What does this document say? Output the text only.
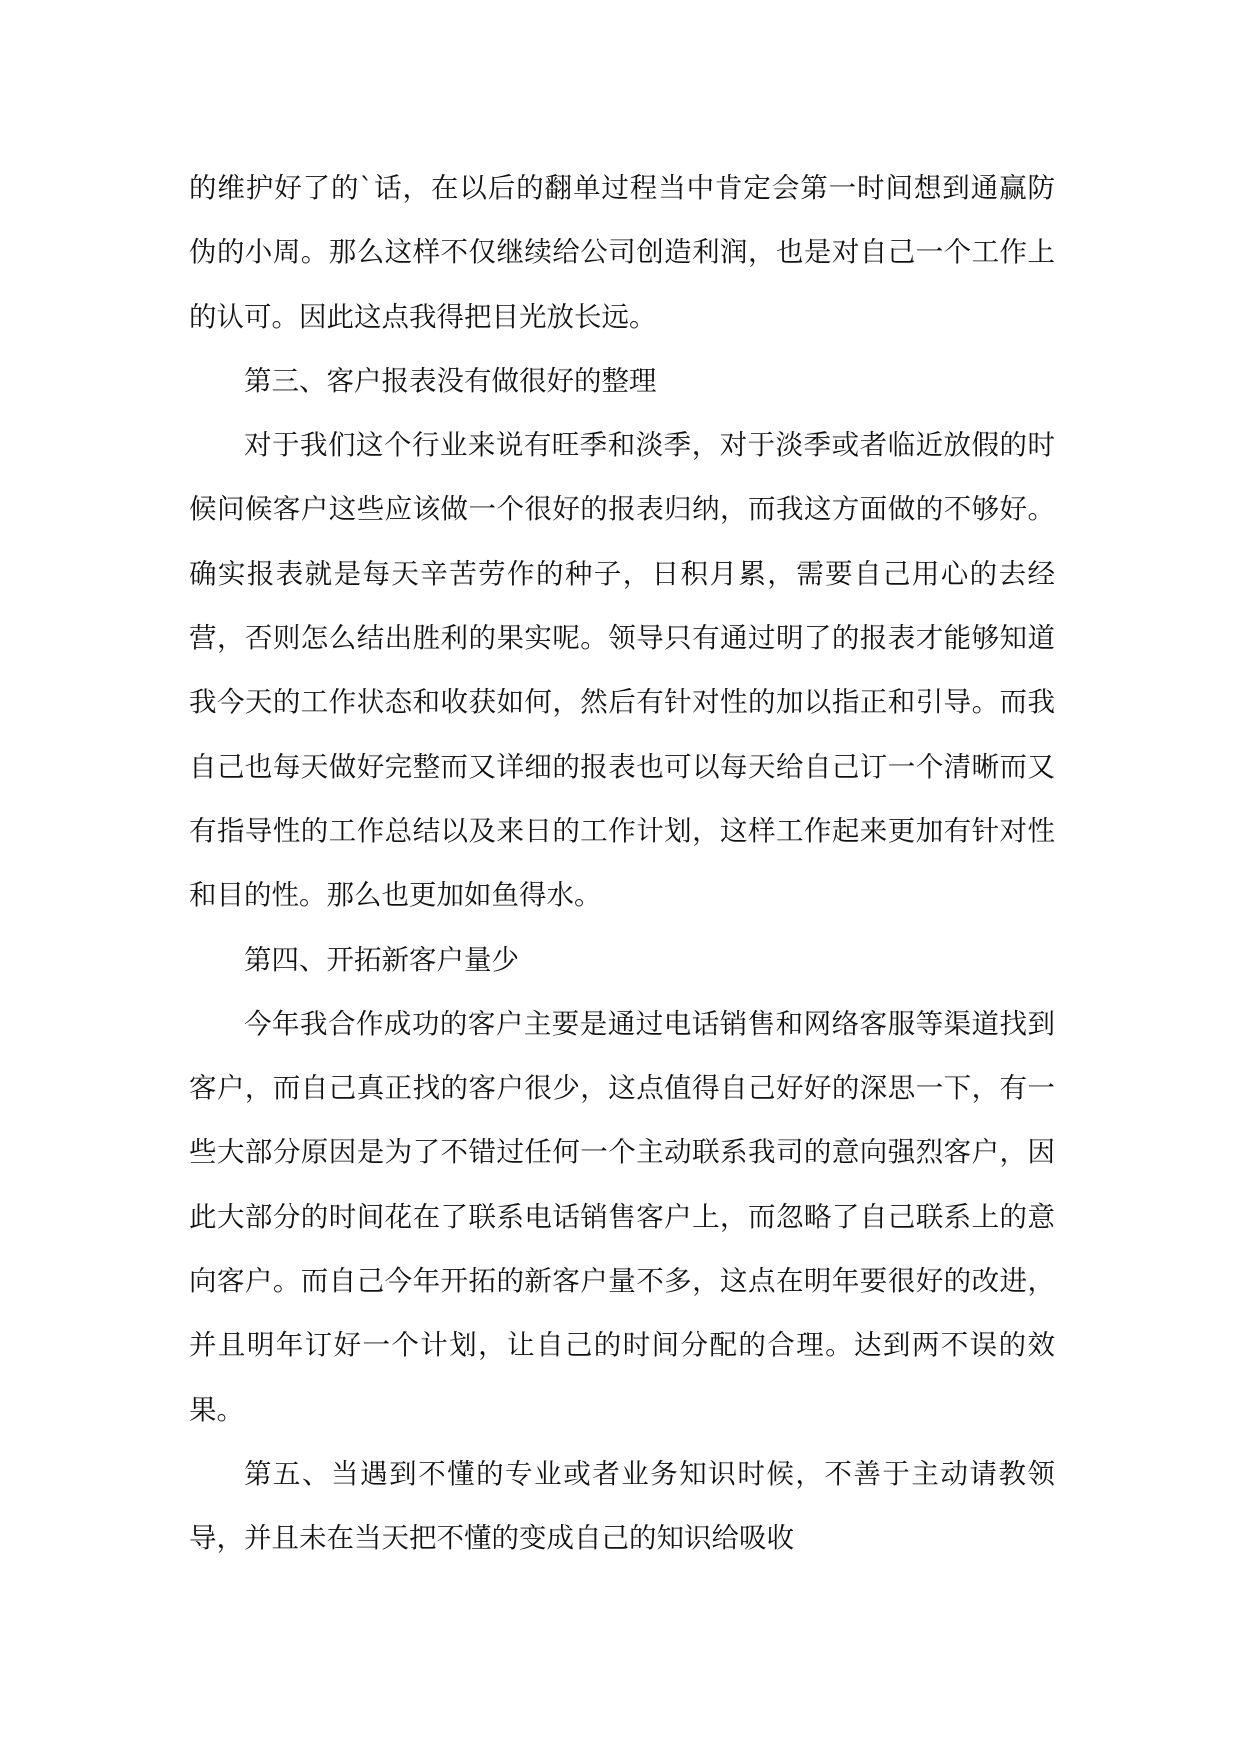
的维护好了的`话，在以后的翻单过程当中肯定会第一时间想到通赢防伪的小周。那么这样不仅继续给公司创造利润，也是对自己一个工作上的认可。因此这点我得把目光放长远。

第三、客户报表没有做很好的整理

对于我们这个行业来说有旺季和淡季，对于淡季或者临近放假的时候问候客户这些应该做一个很好的报表归纳，而我这方面做的不够好。确实报表就是每天辛苦劳作的种子，日积月累，需要自己用心的去经营，否则怎么结出胜利的果实呢。领导只有通过明了的报表才能够知道我今天的工作状态和收获如何，然后有针对性的加以指正和引导。而我自己也每天做好完整而又详细的报表也可以每天给自己订一个清晰而又有指导性的工作总结以及来日的工作计划，这样工作起来更加有针对性和目的性。那么也更加如鱼得水。

第四、开拓新客户量少

今年我合作成功的客户主要是通过电话销售和网络客服等渠道找到客户，而自己真正找的客户很少，这点值得自己好好的深思一下，有一些大部分原因是为了不错过任何一个主动联系我司的意向强烈客户，因此大部分的时间花在了联系电话销售客户上，而忽略了自己联系上的意向客户。而自己今年开拓的新客户量不多，这点在明年要很好的改进，并且明年订好一个计划，让自己的时间分配的合理。达到两不误的效果。

第五、当遇到不懂的专业或者业务知识时候，不善于主动请教领导，并且未在当天把不懂的变成自己的知识给吸收
